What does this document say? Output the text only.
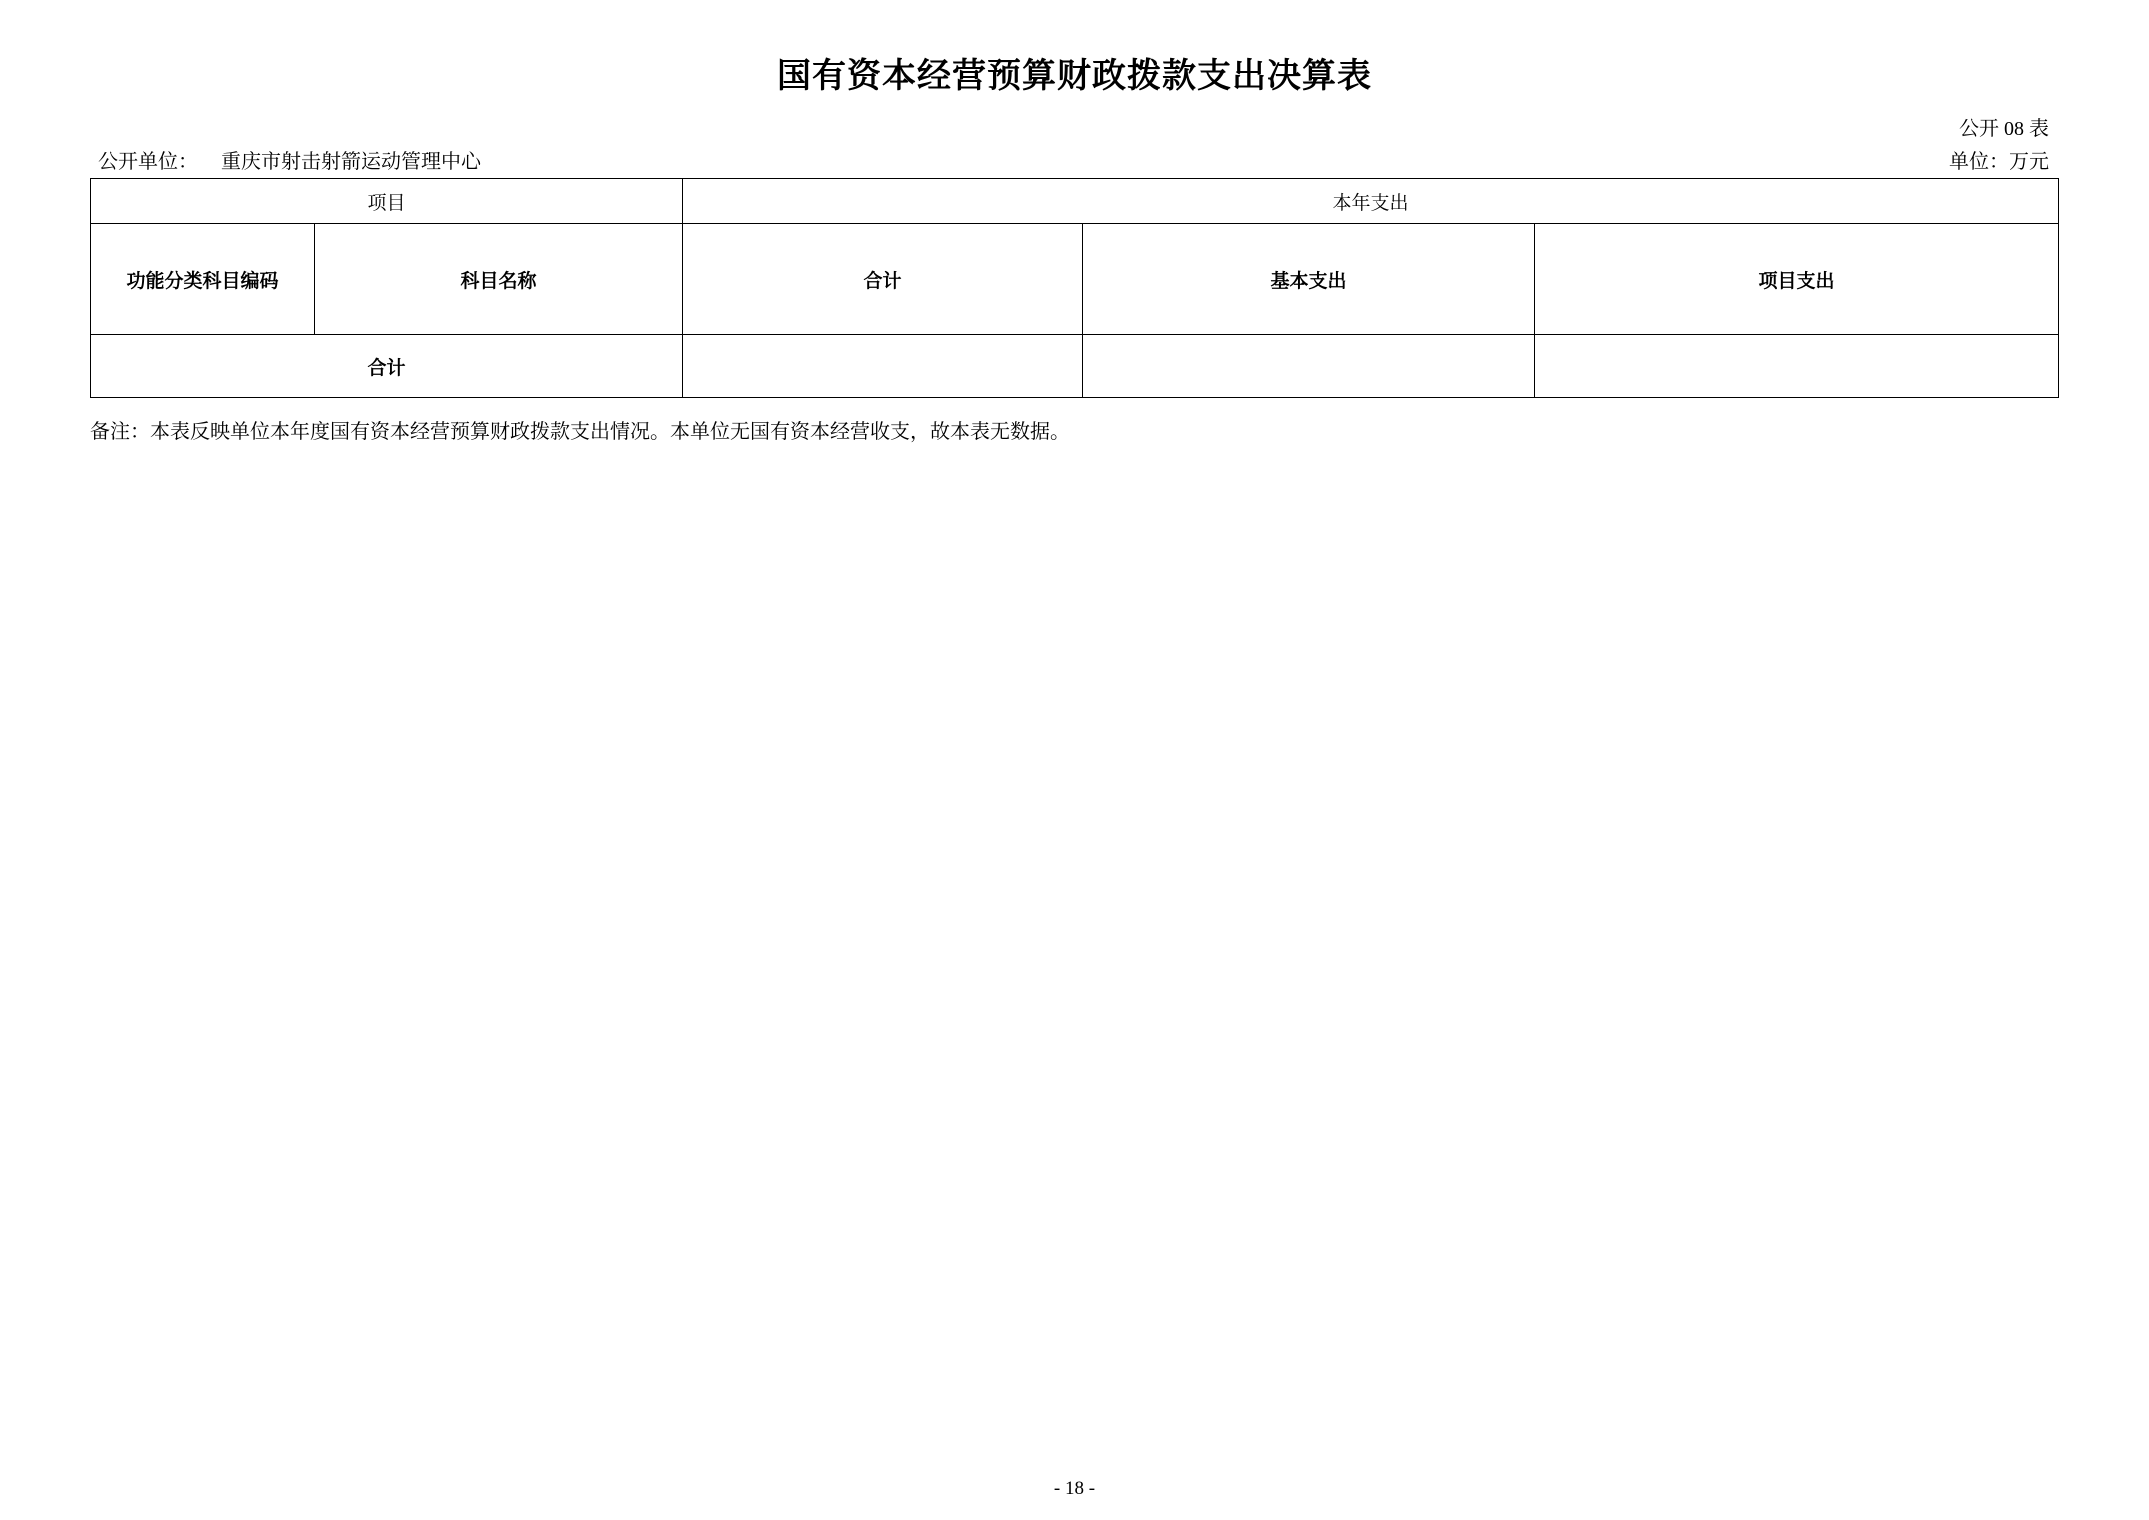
国有资本经营预算财政拨款支出决算表
公开 08 表
公开单位： 重庆市射击射箭运动管理中心	单位：万元
项目		本年支出		
功能分类科目编码	科目名称	合计	基本支出	项目支出
合计				
备注：本表反映单位本年度国有资本经营预算财政拨款支出情况。本单位无国有资本经营收支，故本表无数据。
- 18 -
